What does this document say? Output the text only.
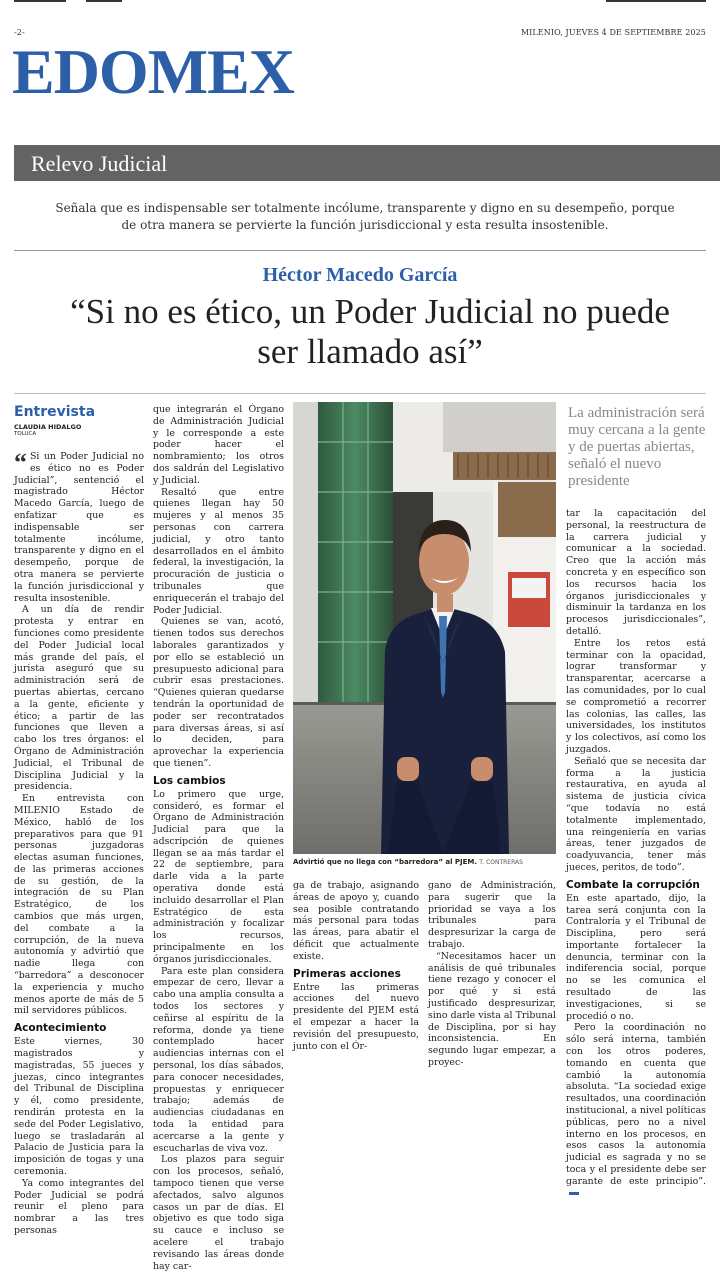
-2-	MILENIO, JUEVES 4 DE SEPTIEMBRE 2025
EDOMEX
Relevo Judicial
Señala que es indispensable ser totalmente incólume, transparente y digno en su desempeño, porque de otra manera se pervierte la función jurisdiccional y esta resulta insostenible.
Héctor Macedo García
“Si no es ético, un Poder Judicial no puede ser llamado así”
Entrevista
CLAUDIA HIDALGO
TOLUCA

“ Si un Poder Judicial no es ético no es Poder Judicial”, sentenció el magistrado Héctor Macedo García, luego de enfatizar que es indispensable ser totalmente incólume, transparente y digno en el desempeño, porque de otra manera se pervierte la función jurisdiccional y resulta insostenible.

A un día de rendir protesta y entrar en funciones como presidente del Poder Judicial local más grande del país, el jurista aseguró que su administración será de puertas abiertas, cercano a la gente, eficiente y ético; a partir de las funciones que lleven a cabo los tres órganos: el Órgano de Administración Judicial, el Tribunal de Disciplina Judicial y la presidencia.

En entrevista con MILENIO Estado de México, habló de los preparativos para que 91 personas juzgadoras electas asuman funciones, de las primeras acciones de su gestión, de la integración de su Plan Estratégico, de los cambios que más urgen, del combate a la corrupción, de la nueva autonomía y advirtió que nadie llega con “barredora” a desconocer la experiencia y mucho menos aporte de más de 5 mil servidores públicos.

Acontecimiento

Este viernes, 30 magistrados y magistradas, 55 jueces y juezas, cinco integrantes del Tribunal de Disciplina y él, como presidente, rendirán protesta en la sede del Poder Legislativo, luego se trasladarán al Palacio de Justicia para la imposición de togas y una ceremonia.

Ya como integrantes del Poder Judicial se podrá reunir el pleno para nombrar a las tres personas

que integrarán el Órgano de Administración Judicial y le corresponde a este poder hacer el nombramiento; los otros dos saldrán del Legislativo y Judicial.

Resaltó que entre quienes llegan hay 50 mujeres y al menos 35 personas con carrera judicial, y otro tanto desarrollados en el ámbito federal, la investigación, la procuración de justicia o tribunales que enriquecerán el trabajo del Poder Judicial.

Quienes se van, acotó, tienen todos sus derechos laborales garantizados y por ello se estableció un presupuesto adicional para cubrir esas prestaciones. “Quienes quieran quedarse tendrán la oportunidad de poder ser recontratados para diversas áreas, si así lo deciden, para aprovechar la experiencia que tienen”.

Los cambios

Lo primero que urge, consideró, es formar el Órgano de Administración Judicial para que la adscripción de quienes llegan se aa más tardar el 22 de septiembre, para darle vida a la parte operativa donde está incluido desarrollar el Plan Estratégico de esta administración y focalizar los recursos, principalmente en los órganos jurisdiccionales.

Para este plan considera empezar de cero, llevar a cabo una amplia consulta a todos los sectores y ceñirse al espíritu de la reforma, donde ya tiene contemplado hacer audiencias internas con el personal, los días sábados, para conocer necesidades, propuestas y enriquecer trabajo; además de audiencias ciudadanas en toda la entidad para acercarse a la gente y escucharlas de viva voz.

Los plazos para seguir con los procesos, señaló, tampoco tienen que verse afectados, salvo algunos casos un par de días. El objetivo es que todo siga su cauce e incluso se acelere el trabajo revisando las áreas donde hay car-

Advirtió que no llega con “barredora” al PJEM. T. CONTRERAS

ga de trabajo, asignando áreas de apoyo y, cuando sea posible contratando más personal para todas las áreas, para abatir el déficit que actualmente existe.

Primeras acciones

Entre las primeras acciones del nuevo presidente del PJEM está el empezar a hacer la revisión del presupuesto, junto con el Ór-

gano de Administración, para sugerir que la prioridad se vaya a los tribunales para despresurizar la carga de trabajo.

“Necesitamos hacer un análisis de qué tribunales tiene rezago y conocer el por qué y si está justificado despresurizar, sino darle vista al Tribunal de Disciplina, por si hay inconsistencia. En segundo lugar empezar, a proyec-

La administración será muy cercana a la gente y de puertas abiertas, señaló el nuevo presidente

tar la capacitación del personal, la reestructura de la carrera judicial y comunicar a la sociedad. Creo que la acción más concreta y en específico son los recursos hacia los órganos jurisdiccionales y disminuir la tardanza en los procesos jurisdiccionales”, detalló.

Entre los retos está terminar con la opacidad, lograr transformar y transparentar, acercarse a las comunidades, por lo cual se comprometió a recorrer las colonias, las calles, las universidades, los institutos y los colectivos, así como los juzgados.

Señaló que se necesita dar forma a la justicia restaurativa, en ayuda al sistema de justicia cívica “que todavía no está totalmente implementado, una reingeniería en varias áreas, tener juzgados de coadyuvancia, tener más jueces, peritos, de todo”.

Combate la corrupción

En este apartado, dijo, la tarea será conjunta con la Contraloría y el Tribunal de Disciplina, pero será importante fortalecer la denuncia, terminar con la indiferencia social, porque no se les comunica el resultado de las investigaciones, si se procedió o no.

Pero la coordinación no sólo será interna, también con los otros poderes, tomando en cuenta que cambió la autonomía absoluta. “La sociedad exige resultados, una coordinación institucional, a nivel políticas públicas, pero no a nivel interno en los procesos, en esos casos la autonomía judicial es sagrada y no se toca y el presidente debe ser garante de este principio”.
